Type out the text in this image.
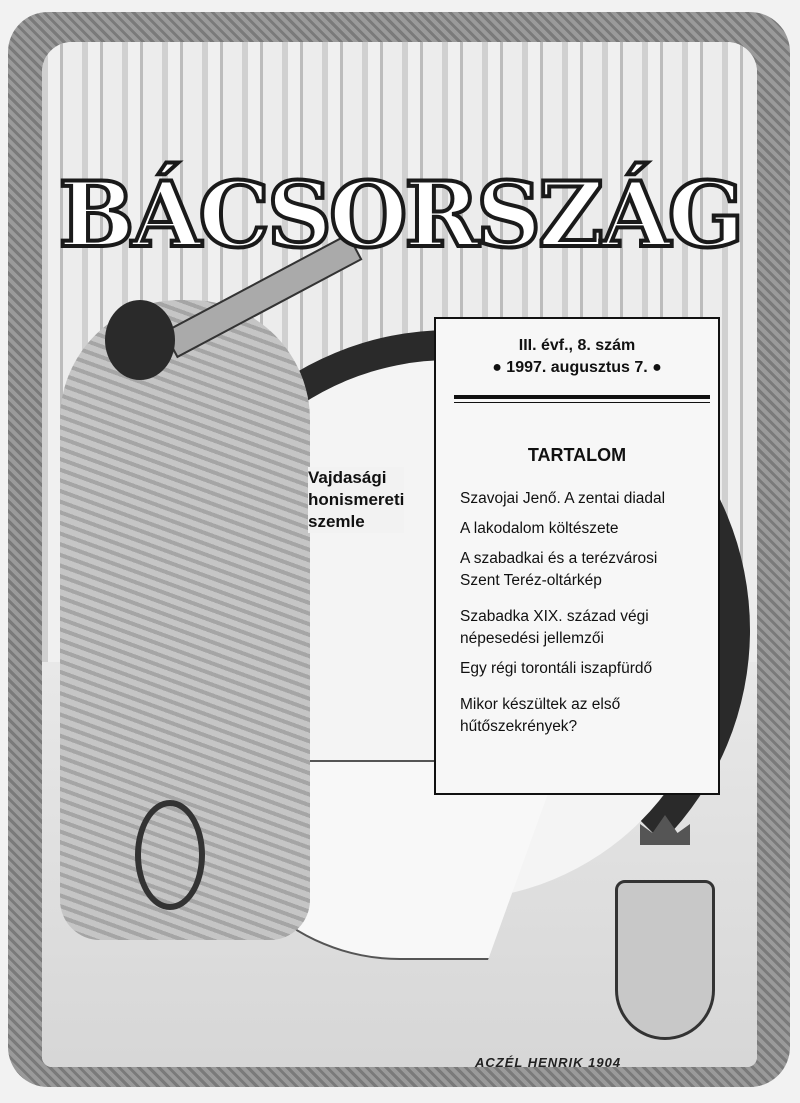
BÁCSORSZÁG
Vajdasági
honismereti
szemle
III. évf., 8. szám
● 1997. augusztus 7. ●
TARTALOM
Szavojai Jenő. A zentai diadal
A lakodalom költészete
A szabadkai és a terézvárosi
Szent Teréz-oltárkép
Szabadka XIX. század végi
népesedési jellemzői
Egy régi torontáli iszapfürdő
Mikor készültek az első
hűtőszekrények?
ACZÉL HENRIK 1904
